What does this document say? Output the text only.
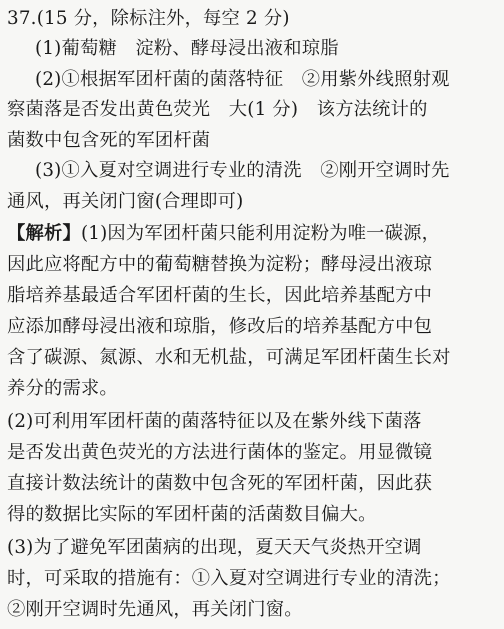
37.(15 分，除标注外，每空 2 分)
(1)葡萄糖　淀粉、酵母浸出液和琼脂
(2)①根据军团杆菌的菌落特征　②用紫外线照射观
察菌落是否发出黄色荧光　大(1 分)　该方法统计的
菌数中包含死的军团杆菌
(3)①入夏对空调进行专业的清洗　②刚开空调时先
通风，再关闭门窗(合理即可)
【解析】(1)因为军团杆菌只能利用淀粉为唯一碳源，
因此应将配方中的葡萄糖替换为淀粉；酵母浸出液琼
脂培养基最适合军团杆菌的生长，因此培养基配方中
应添加酵母浸出液和琼脂，修改后的培养基配方中包
含了碳源、氮源、水和无机盐，可满足军团杆菌生长对
养分的需求。
(2)可利用军团杆菌的菌落特征以及在紫外线下菌落
是否发出黄色荧光的方法进行菌体的鉴定。用显微镜
直接计数法统计的菌数中包含死的军团杆菌，因此获
得的数据比实际的军团杆菌的活菌数目偏大。
(3)为了避免军团菌病的出现，夏天天气炎热开空调
时，可采取的措施有：①入夏对空调进行专业的清洗；
②刚开空调时先通风，再关闭门窗。
